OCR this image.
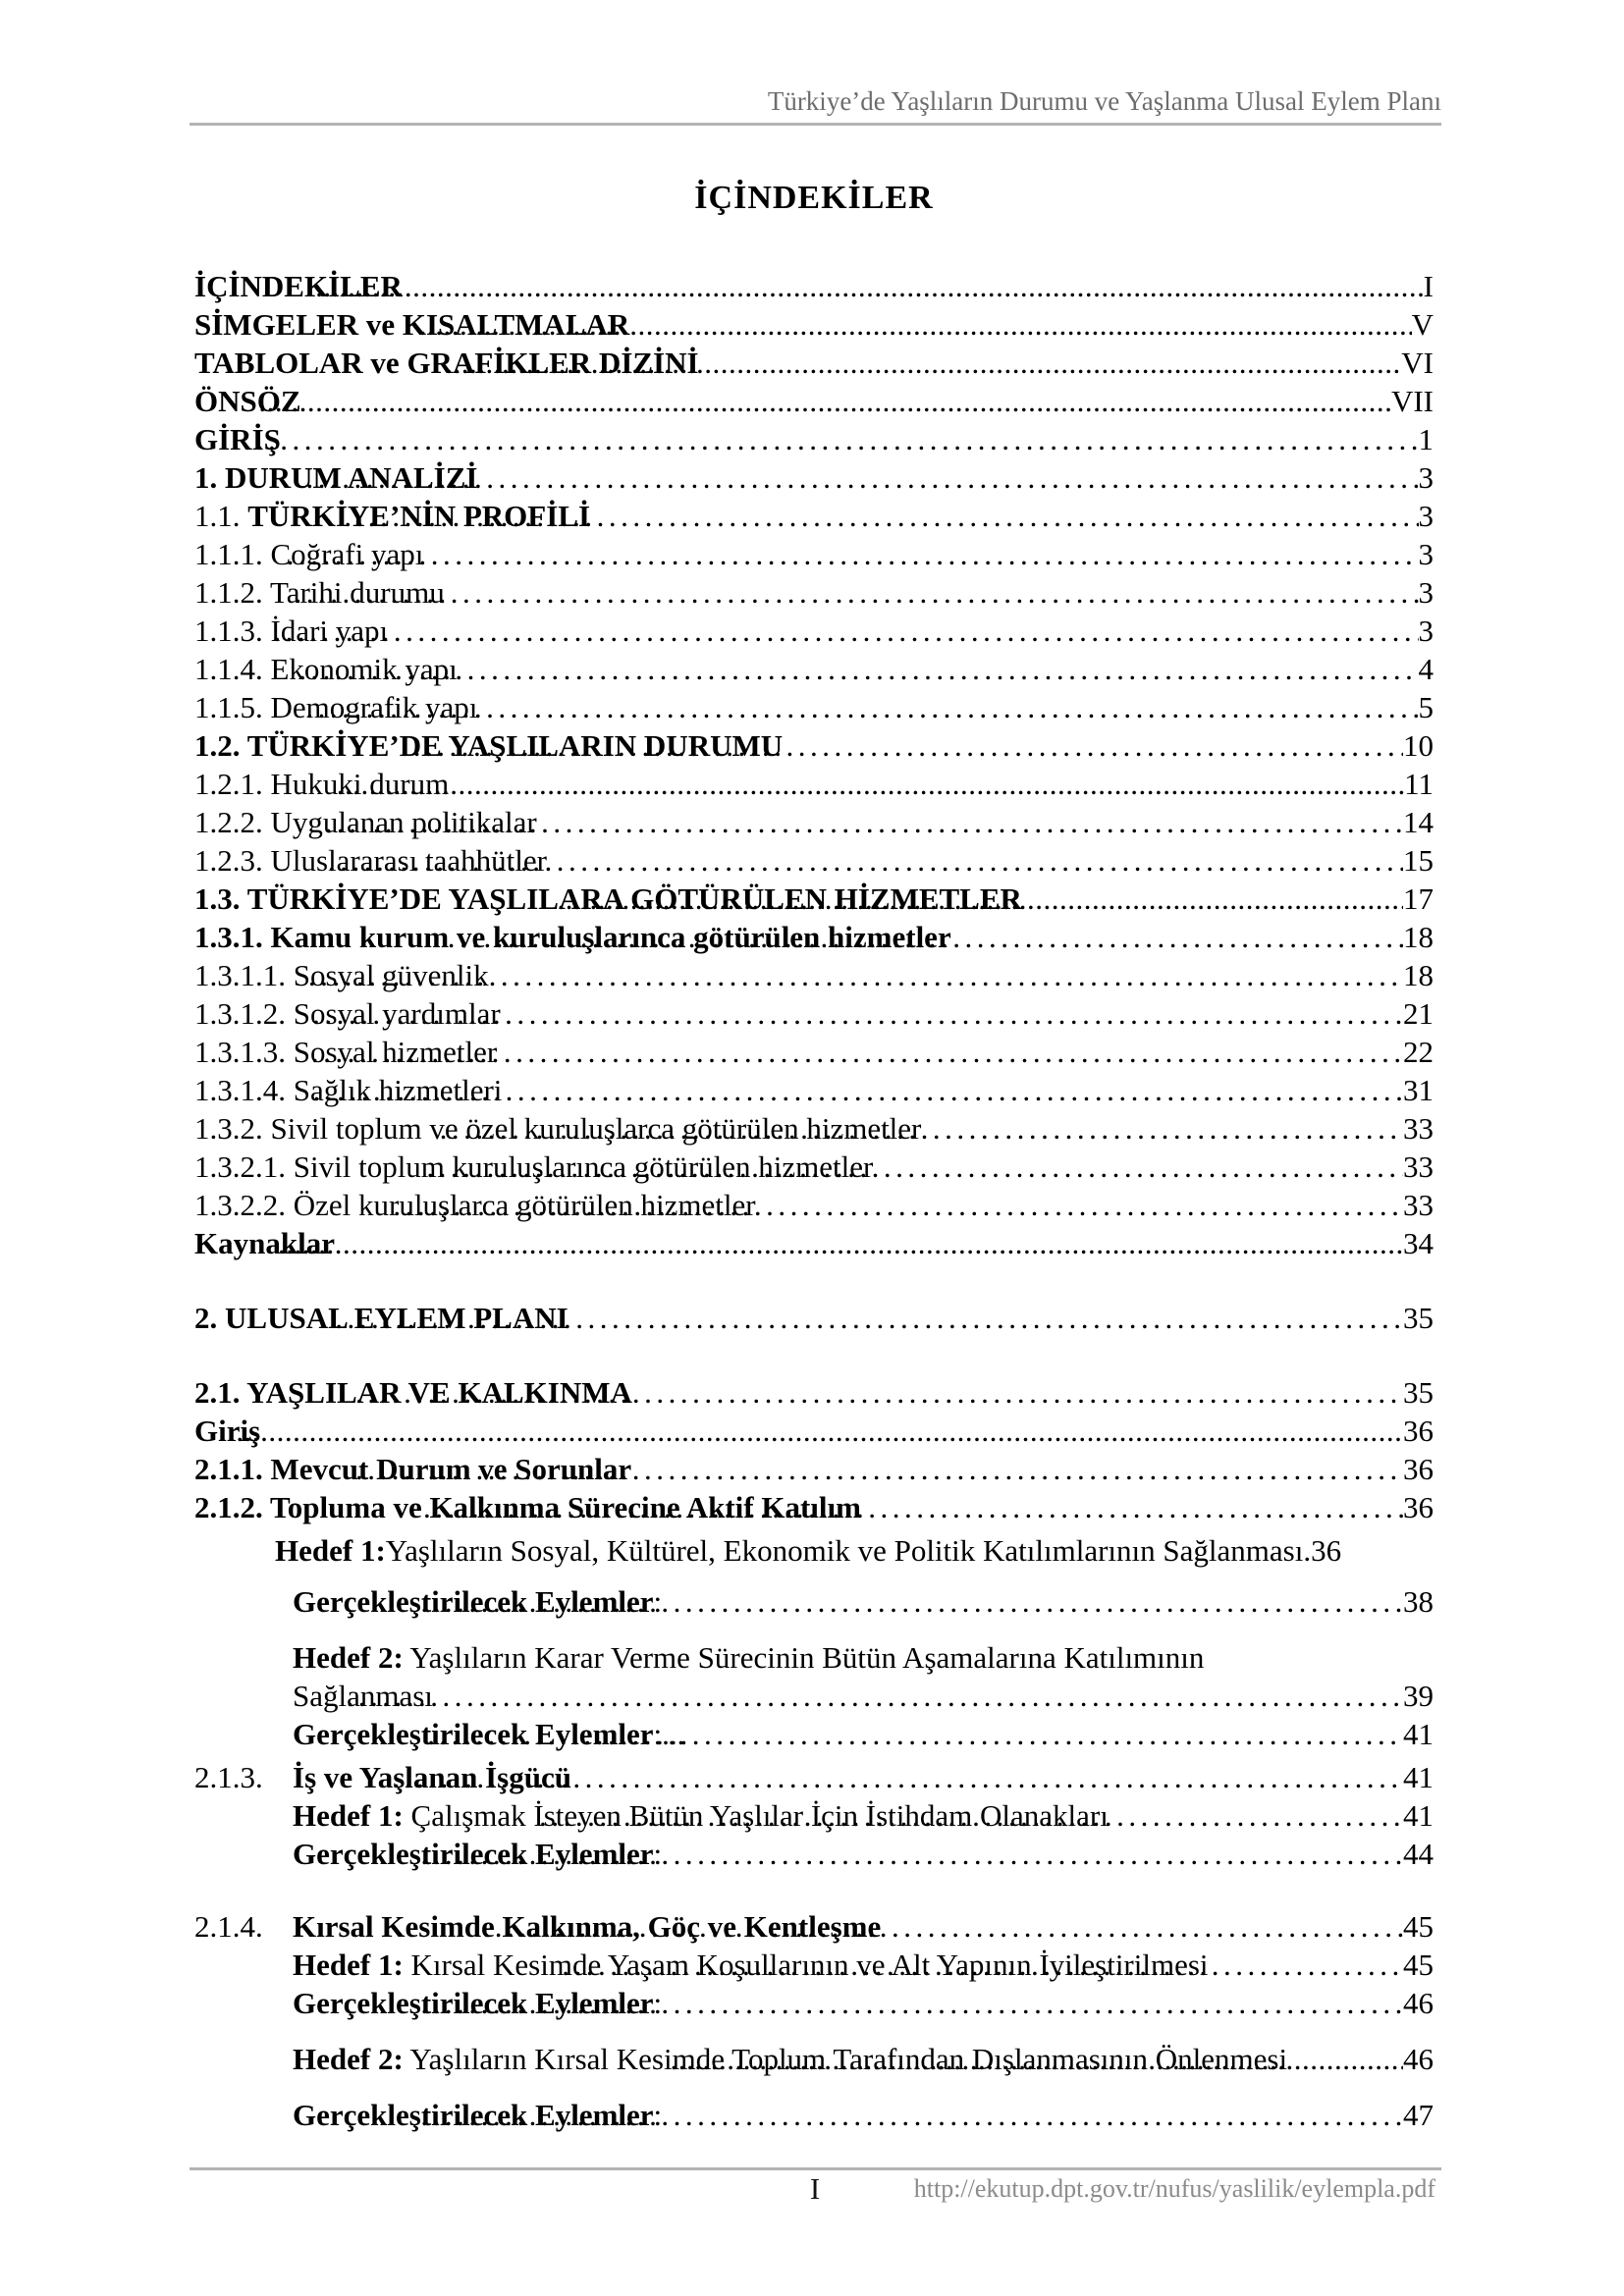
Türkiye’de Yaşlıların Durumu ve Yaşlanma Ulusal Eylem Planı
İÇİNDEKİLER
İÇİNDEKİLER .....	I
SİMGELER ve KISALTMALAR .....	V
TABLOLAR ve GRAFİKLER DİZİNİ .....	VI
ÖNSÖZ .....	VII
GİRİŞ .....	1
1. DURUM ANALİZİ .....	3
1.1. TÜRKİYE’NİN PROFİLİ .....	3
1.1.1. Coğrafi yapı .....	3
1.1.2. Tarihi durumu .....	3
1.1.3. İdari yapı .....	3
1.1.4. Ekonomik yapı .....	4
1.1.5. Demografik yapı .....	5
1.2. TÜRKİYE’DE YAŞLILARIN DURUMU .....	10
1.2.1. Hukuki durum .....	11
1.2.2. Uygulanan politikalar .....	14
1.2.3. Uluslararası taahhütler .....	15
1.3. TÜRKİYE’DE YAŞLILARA GÖTÜRÜLEN HİZMETLER .....	17
1.3.1. Kamu kurum ve kuruluşlarınca götürülen hizmetler .....	18
1.3.1.1. Sosyal güvenlik .....	18
1.3.1.2. Sosyal yardımlar .....	21
1.3.1.3. Sosyal hizmetler .....	22
1.3.1.4. Sağlık hizmetleri .....	31
1.3.2. Sivil toplum ve özel kuruluşlarca götürülen hizmetler .....	33
1.3.2.1. Sivil toplum kuruluşlarınca götürülen hizmetler .....	33
1.3.2.2. Özel kuruluşlarca götürülen hizmetler .....	33
Kaynaklar .....	34
2. ULUSAL EYLEM PLANI .....	35
2.1. YAŞLILAR VE KALKINMA .....	35
Giriş .....	36
2.1.1. Mevcut Durum ve Sorunlar .....	36
2.1.2. Topluma ve Kalkınma Sürecine Aktif Katılım .....	36
Hedef 1:Yaşlıların Sosyal, Kültürel, Ekonomik ve Politik Katılımlarının Sağlanması.36
Gerçekleştirilecek Eylemler: .....	38
Hedef 2: Yaşlıların Karar Verme Sürecinin Bütün Aşamalarına Katılımının
Sağlanması .....	39
Gerçekleştirilecek Eylemler:... .....	41
2.1.3. İş ve Yaşlanan İşgücü .....	41
Hedef 1: Çalışmak İsteyen Bütün Yaşlılar İçin İstihdam Olanakları .....	41
Gerçekleştirilecek Eylemler: .....	44
2.1.4. Kırsal Kesimde Kalkınma, Göç ve Kentleşme .....	45
Hedef 1: Kırsal Kesimde Yaşam Koşullarının ve Alt Yapının İyileştirilmesi .....	45
Gerçekleştirilecek Eylemler: .....	46
Hedef 2: Yaşlıların Kırsal Kesimde Toplum Tarafından Dışlanmasının Önlenmesi .....	46
Gerçekleştirilecek Eylemler: .....	47
I	http://ekutup.dpt.gov.tr/nufus/yaslilik/eylempla.pdf
